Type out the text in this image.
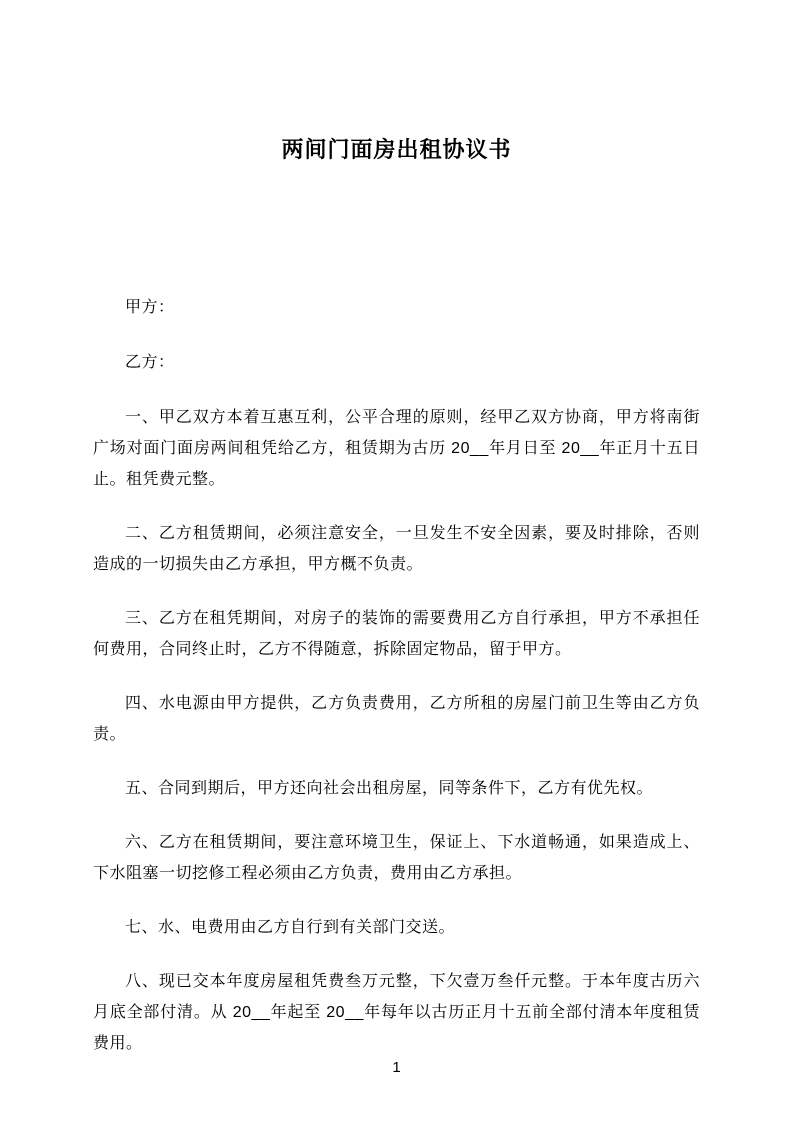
两间门面房出租协议书

甲方：

乙方：

一、甲乙双方本着互惠互利，公平合理的原则，经甲乙双方协商，甲方将南街广场对面门面房两间租凭给乙方，租赁期为古历 20__年月日至 20__年正月十五日止。租凭费元整。

二、乙方租赁期间，必须注意安全，一旦发生不安全因素，要及时排除，否则造成的一切损失由乙方承担，甲方概不负责。

三、乙方在租凭期间，对房子的装饰的需要费用乙方自行承担，甲方不承担任何费用，合同终止时，乙方不得随意，拆除固定物品，留于甲方。

四、水电源由甲方提供，乙方负责费用，乙方所租的房屋门前卫生等由乙方负责。

五、合同到期后，甲方还向社会出租房屋，同等条件下，乙方有优先权。

六、乙方在租赁期间，要注意环境卫生，保证上、下水道畅通，如果造成上、下水阻塞一切挖修工程必须由乙方负责，费用由乙方承担。

七、水、电费用由乙方自行到有关部门交送。

八、现已交本年度房屋租凭费叁万元整，下欠壹万叁仟元整。于本年度古历六月底全部付清。从 20__年起至 20__年每年以古历正月十五前全部付清本年度租赁费用。

1
